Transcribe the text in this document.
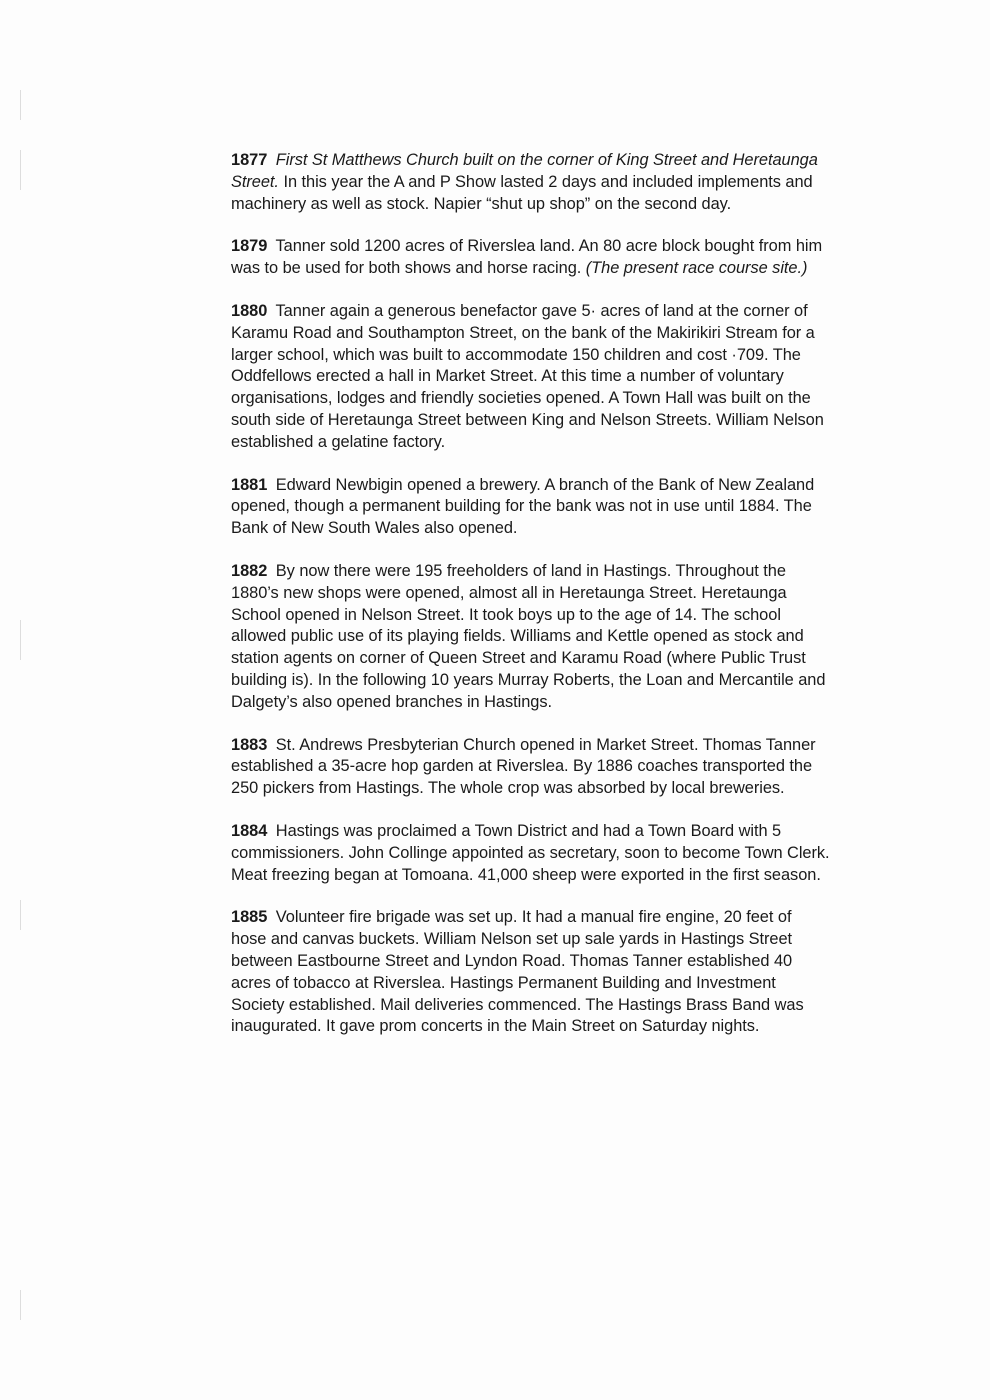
1877 First St Matthews Church built on the corner of King Street and Heretaunga Street. In this year the A and P Show lasted 2 days and included implements and machinery as well as stock. Napier “shut up shop” on the second day.

1879 Tanner sold 1200 acres of Riverslea land. An 80 acre block bought from him was to be used for both shows and horse racing. (The present race course site.)

1880 Tanner again a generous benefactor gave 5· acres of land at the corner of Karamu Road and Southampton Street, on the bank of the Makirikiri Stream for a larger school, which was built to accommodate 150 children and cost ·709. The Oddfellows erected a hall in Market Street. At this time a number of voluntary organisations, lodges and friendly societies opened. A Town Hall was built on the south side of Heretaunga Street between King and Nelson Streets. William Nelson established a gelatine factory.

1881 Edward Newbigin opened a brewery. A branch of the Bank of New Zealand opened, though a permanent building for the bank was not in use until 1884. The Bank of New South Wales also opened.

1882 By now there were 195 freeholders of land in Hastings. Throughout the 1880’s new shops were opened, almost all in Heretaunga Street. Heretaunga School opened in Nelson Street. It took boys up to the age of 14. The school allowed public use of its playing fields. Williams and Kettle opened as stock and station agents on corner of Queen Street and Karamu Road (where Public Trust building is). In the following 10 years Murray Roberts, the Loan and Mercantile and Dalgety’s also opened branches in Hastings.

1883 St. Andrews Presbyterian Church opened in Market Street. Thomas Tanner established a 35-acre hop garden at Riverslea. By 1886 coaches transported the 250 pickers from Hastings. The whole crop was absorbed by local breweries.

1884 Hastings was proclaimed a Town District and had a Town Board with 5 commissioners. John Collinge appointed as secretary, soon to become Town Clerk. Meat freezing began at Tomoana. 41,000 sheep were exported in the first season.

1885 Volunteer fire brigade was set up. It had a manual fire engine, 20 feet of hose and canvas buckets. William Nelson set up sale yards in Hastings Street between Eastbourne Street and Lyndon Road. Thomas Tanner established 40 acres of tobacco at Riverslea. Hastings Permanent Building and Investment Society established. Mail deliveries commenced. The Hastings Brass Band was inaugurated. It gave prom concerts in the Main Street on Saturday nights.
